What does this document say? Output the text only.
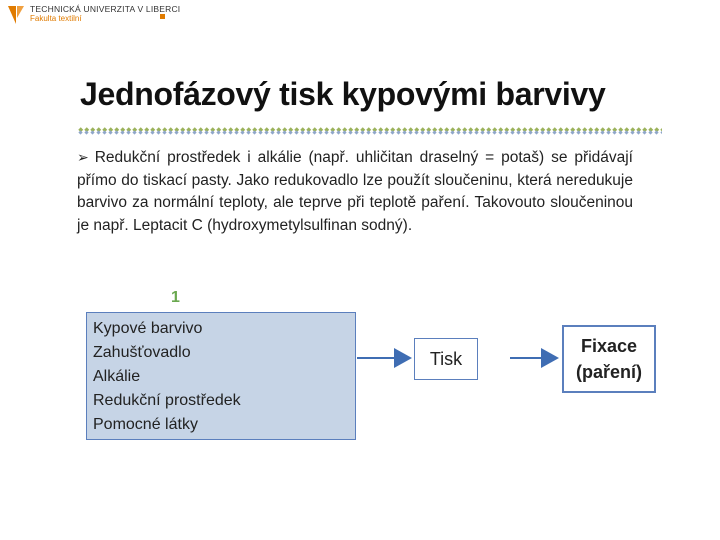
TECHNICKÁ UNIVERZITA V LIBERCI
Fakulta textilní
Jednofázový tisk kypovými barvivy
➢ Redukční prostředek i alkálie (např. uhličitan draselný = potaš) se přidávají přímo do tiskací pasty. Jako redukovadlo lze použít sloučeninu, která neredukuje barvivo za normální teploty, ale teprve při teplotě paření. Takovouto sloučeninou je např. Leptacit C (hydroxymetylsulfinan sodný).
1
Kypové barvivo
Zahušťovadlo
Alkálie
Redukční prostředek
Pomocné látky
Tisk
Fixace
(paření)
